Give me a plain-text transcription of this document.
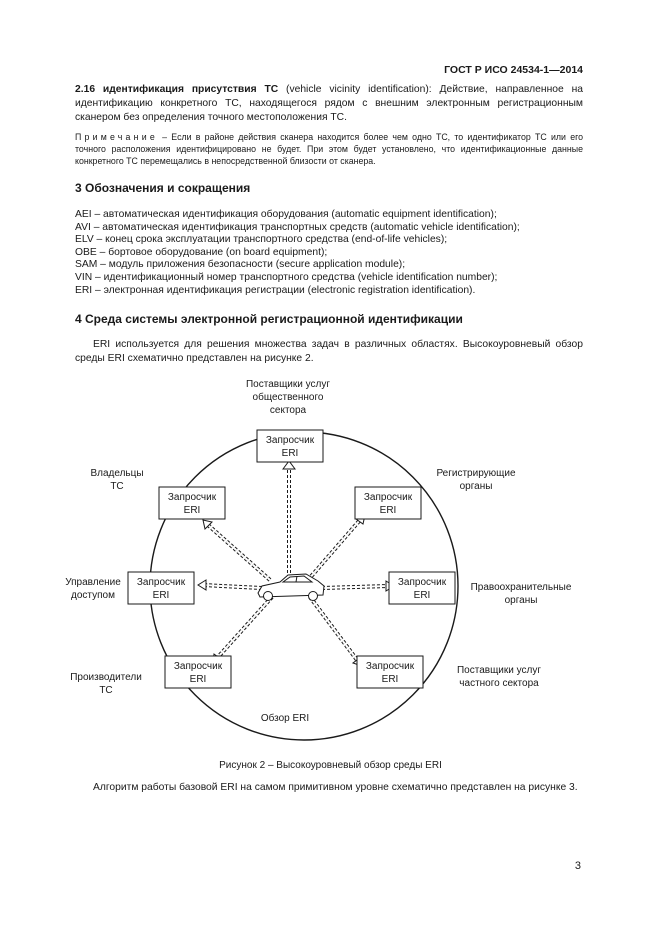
ГОСТ Р ИСО 24534-1—2014
2.16 идентификация присутствия ТС (vehicle vicinity identification): Действие, направленное на идентификацию конкретного ТС, находящегося рядом с внешним электронным регистрационным сканером без определения точного местоположения ТС.
Примечание – Если в районе действия сканера находится более чем одно ТС, то идентификатор ТС или его точного расположения идентифицировано не будет. При этом будет установлено, что идентификационные данные конкретного ТС перемещались в непосредственной близости от сканера.
3 Обозначения и сокращения
AEI – автоматическая идентификация оборудования (automatic equipment identification);
AVI – автоматическая идентификация транспортных средств (automatic vehicle identification);
ELV – конец срока эксплуатации транспортного средства (end-of-life vehicles);
OBE – бортовое оборудование (on board equipment);
SAM – модуль приложения безопасности (secure application module);
VIN – идентификационный номер транспортного средства (vehicle identification number);
ERI – электронная идентификация регистрации (electronic registration identification).
4 Среда системы электронной регистрационной идентификации
ERI используется для решения множества задач в различных областях. Высокоуровневый обзор среды ERI схематично представлен на рисунке 2.
Запросчик
ERI
Запросчик
ERI
Запросчик
ERI
Запросчик
ERI
Запросчик
ERI
Запросчик
ERI
Запросчик
ERI
Обзор ERI
Поставщики услуг
общественного
сектора
Владельцы
ТС
Регистрирующие
органы
Управление
доступом
Правоохранительные
органы
Производители
ТС
Поставщики услуг
частного сектора
Рисунок 2 – Высокоуровневый обзор среды ERI
Алгоритм работы базовой ERI на самом примитивном уровне схематично представлен на рисунке 3.
3
